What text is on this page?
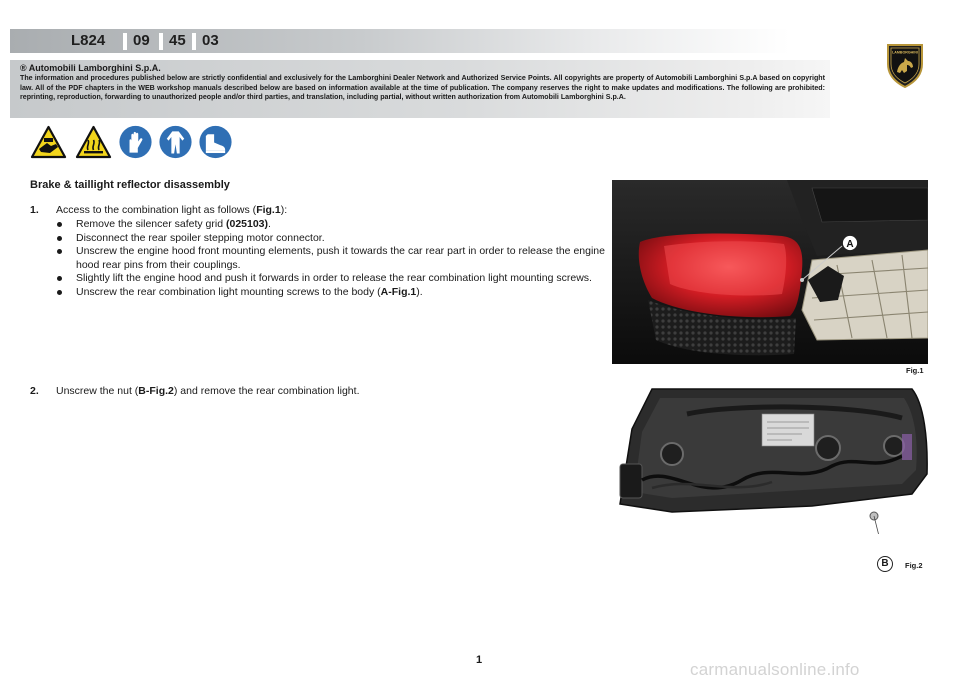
L824 09 45 03
LAMBORGHINI
® Automobili Lamborghini S.p.A.
The information and procedures published below are strictly confidential and exclusively for the Lamborghini Dealer Network and Authorized Service Points. All copyrights are property of Automobili Lamborghini S.p.A based on copyright law. All of the PDF chapters in the WEB workshop manuals described below are based on information available at the time of publication. The company reserves the right to make updates and modifications. The following are prohibited: reprinting, reproduction, forwarding to unauthorized people and/or third parties, and translation, including partial, without written authorization from Automobili Lamborghini S.p.A.
Brake & taillight reflector disassembly
1. Access to the combination light as follows (Fig.1):
Remove the silencer safety grid (025103).
Disconnect the rear spoiler stepping motor connector.
Unscrew the engine hood front mounting elements, push it towards the car rear part in order to release the engine hood rear pins from their couplings.
Slightly lift the engine hood and push it forwards in order to release the rear combination light mounting screws.
Unscrew the rear combination light mounting screws to the body (A-Fig.1).
2. Unscrew the nut (B-Fig.2) and remove the rear combination light.
A
Fig.1
B	Fig.2
1	carmanualsonline.info
